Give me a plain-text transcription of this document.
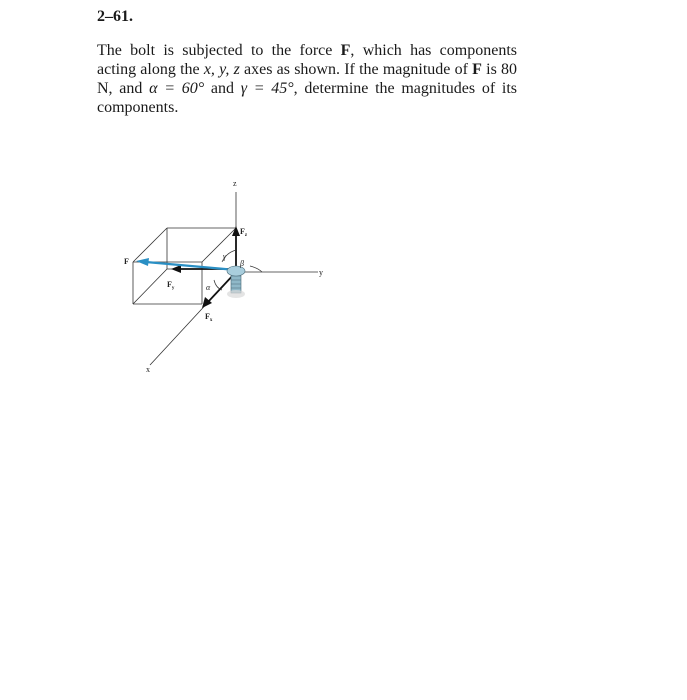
2–61.
The bolt is subjected to the force F, which has components acting along the x, y, z axes as shown. If the magnitude of F is 80 N, and α = 60° and γ = 45°, determine the magnitudes of its components.
z
y
x
F
$F_z$
$F_y$
$F_x$
γ
β
α
